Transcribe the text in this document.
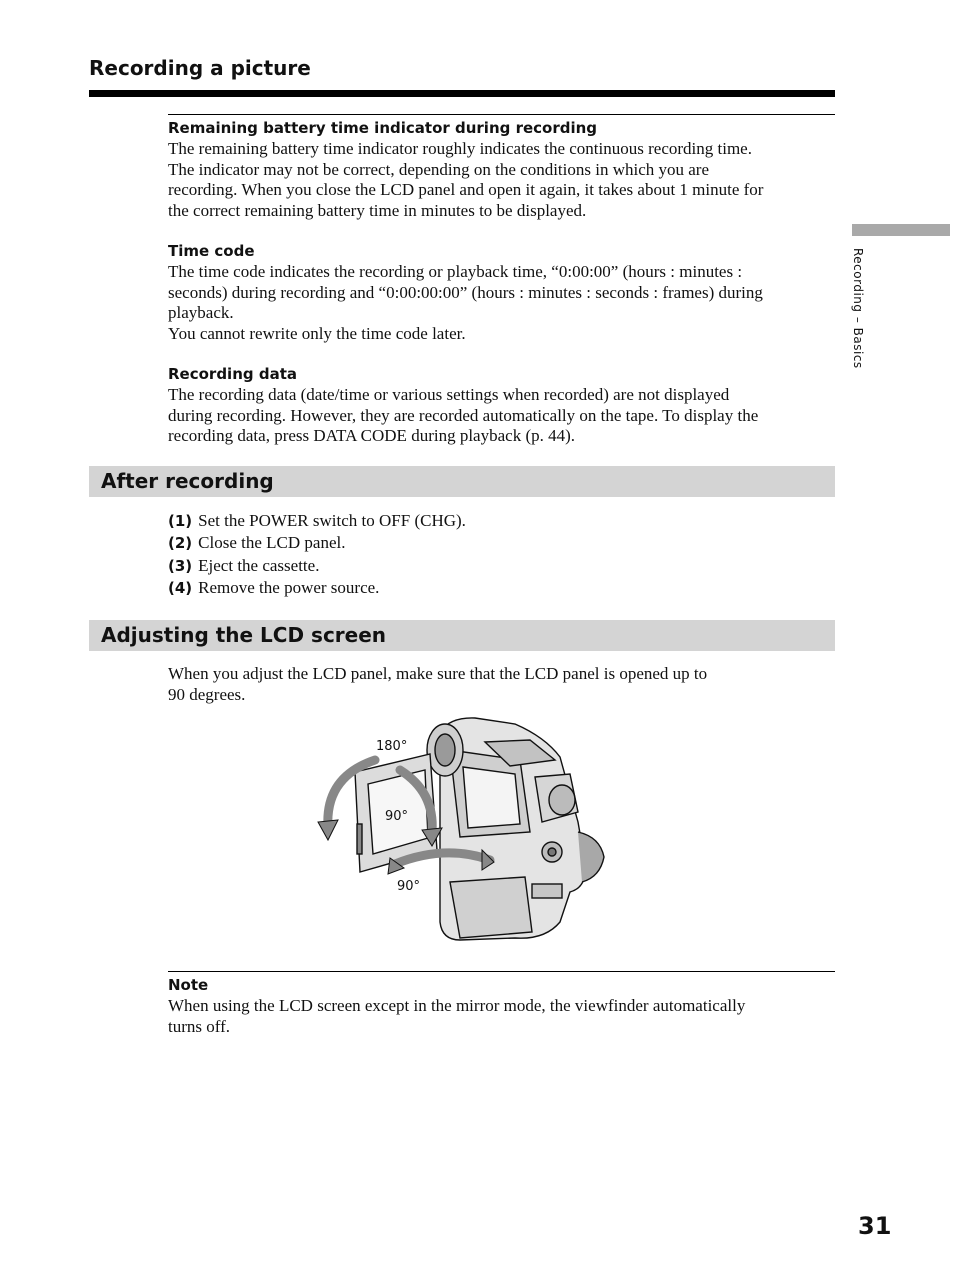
Recording a picture
Recording – Basics
Remaining battery time indicator during recording
The remaining battery time indicator roughly indicates the continuous recording time.
The indicator may not be correct, depending on the conditions in which you are
recording. When you close the LCD panel and open it again, it takes about 1 minute for
the correct remaining battery time in minutes to be displayed.
Time code
The time code indicates the recording or playback time, “0:00:00” (hours : minutes :
seconds) during recording and “0:00:00:00” (hours : minutes : seconds : frames) during
playback.
You cannot rewrite only the time code later.
Recording data
The recording data (date/time or various settings when recorded) are not displayed
during recording. However, they are recorded automatically on the tape. To display the
recording data, press DATA CODE during playback (p. 44).
After recording
(1) Set the POWER switch to OFF (CHG).
(2) Close the LCD panel.
(3) Eject the cassette.
(4) Remove the power source.
Adjusting the LCD screen
When you adjust the LCD panel, make sure that the LCD panel is opened up to
90 degrees.
180°
90°
90°
Note
When using the LCD screen except in the mirror mode, the viewfinder automatically
turns off.
31
